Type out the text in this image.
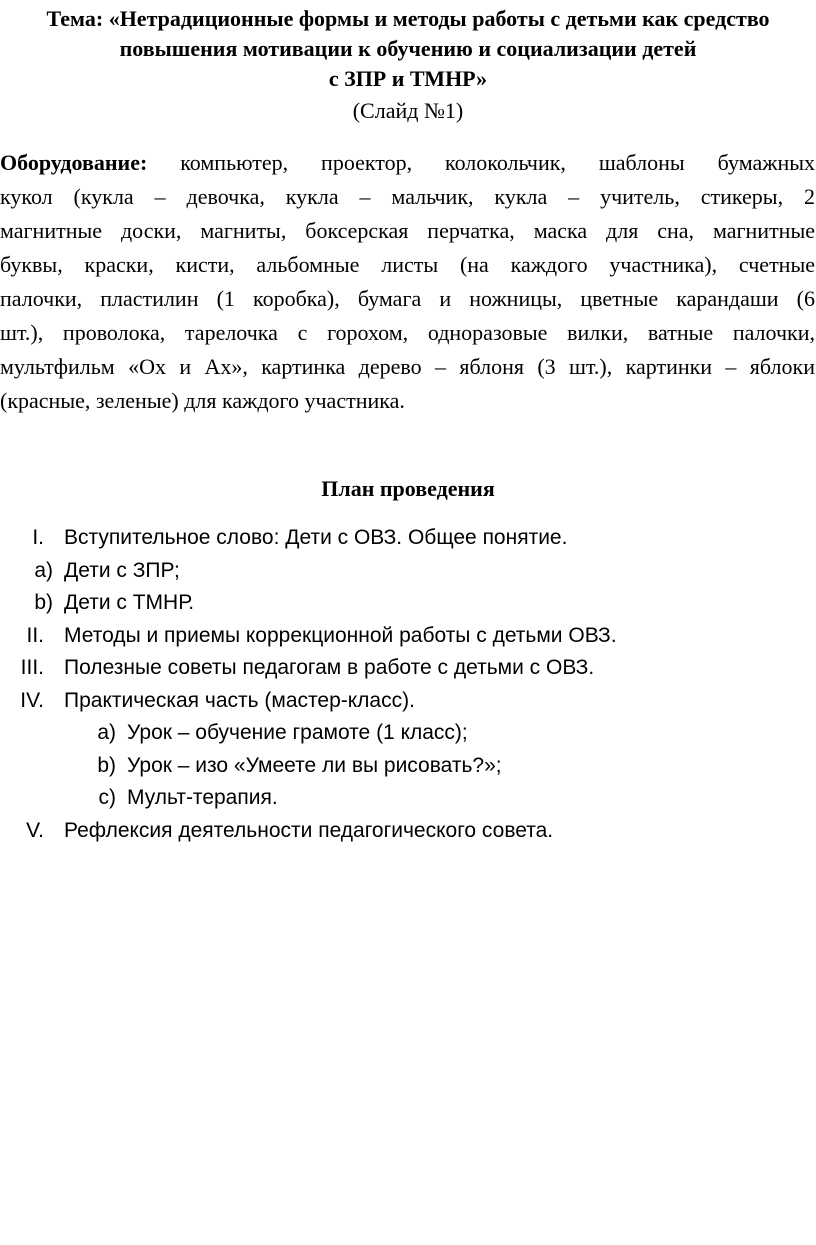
Тема: «Нетрадиционные формы и методы работы с детьми как средство
повышения мотивации к обучению и социализации детей
с ЗПР и ТМНР»
(Слайд №1)
Оборудование: компьютер, проектор, колокольчик, шаблоны бумажных
кукол (кукла – девочка, кукла – мальчик, кукла – учитель, стикеры, 2
магнитные доски, магниты, боксерская перчатка, маска для сна, магнитные
буквы, краски, кисти, альбомные листы (на каждого участника), счетные
палочки, пластилин (1 коробка), бумага и ножницы, цветные карандаши (6
шт.), проволока, тарелочка с горохом, одноразовые вилки, ватные палочки,
мультфильм «Ох и Ах», картинка дерево – яблоня (3 шт.), картинки – яблоки
(красные, зеленые) для каждого участника.
План проведения
I. Вступительное слово: Дети с ОВЗ. Общее понятие.
a) Дети с ЗПР;
b) Дети с ТМНР.
II. Методы и приемы коррекционной работы с детьми ОВЗ.
III. Полезные советы педагогам в работе с детьми с ОВЗ.
IV. Практическая часть (мастер-класс).
a) Урок – обучение грамоте (1 класс);
b) Урок – изо «Умеете ли вы рисовать?»;
c) Мульт-терапия.
V. Рефлексия деятельности педагогического совета.
